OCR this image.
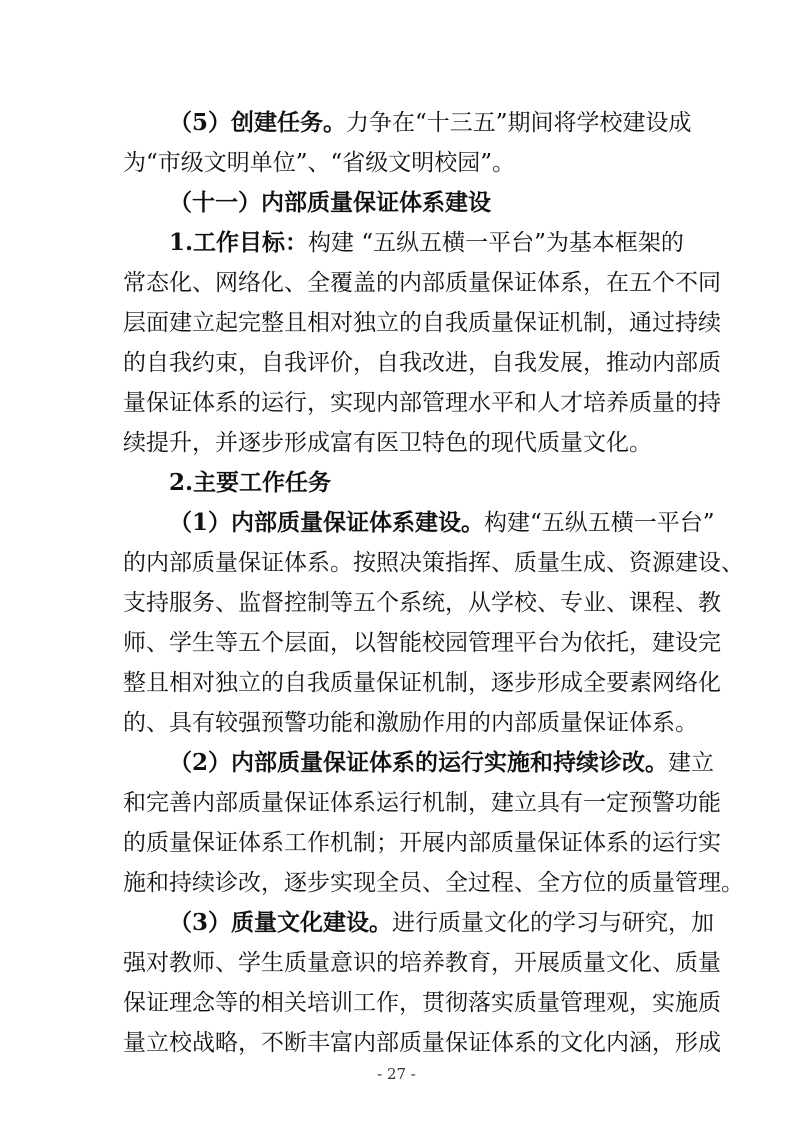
（5）创建任务。力争在“十三五”期间将学校建设成
为“市级文明单位”、“省级文明校园”。
（十一）内部质量保证体系建设
1.工作目标：构建 “五纵五横一平台”为基本框架的
常态化、网络化、全覆盖的内部质量保证体系，在五个不同
层面建立起完整且相对独立的自我质量保证机制，通过持续
的自我约束，自我评价，自我改进，自我发展，推动内部质
量保证体系的运行，实现内部管理水平和人才培养质量的持
续提升，并逐步形成富有医卫特色的现代质量文化。
2.主要工作任务
（1）内部质量保证体系建设。构建“五纵五横一平台”
的内部质量保证体系。按照决策指挥、质量生成、资源建设、
支持服务、监督控制等五个系统，从学校、专业、课程、教
师、学生等五个层面，以智能校园管理平台为依托，建设完
整且相对独立的自我质量保证机制，逐步形成全要素网络化
的、具有较强预警功能和激励作用的内部质量保证体系。
（2）内部质量保证体系的运行实施和持续诊改。建立
和完善内部质量保证体系运行机制，建立具有一定预警功能
的质量保证体系工作机制；开展内部质量保证体系的运行实
施和持续诊改，逐步实现全员、全过程、全方位的质量管理。
（3）质量文化建设。进行质量文化的学习与研究，加
强对教师、学生质量意识的培养教育，开展质量文化、质量
保证理念等的相关培训工作，贯彻落实质量管理观，实施质
量立校战略，不断丰富内部质量保证体系的文化内涵，形成
- 27 -
